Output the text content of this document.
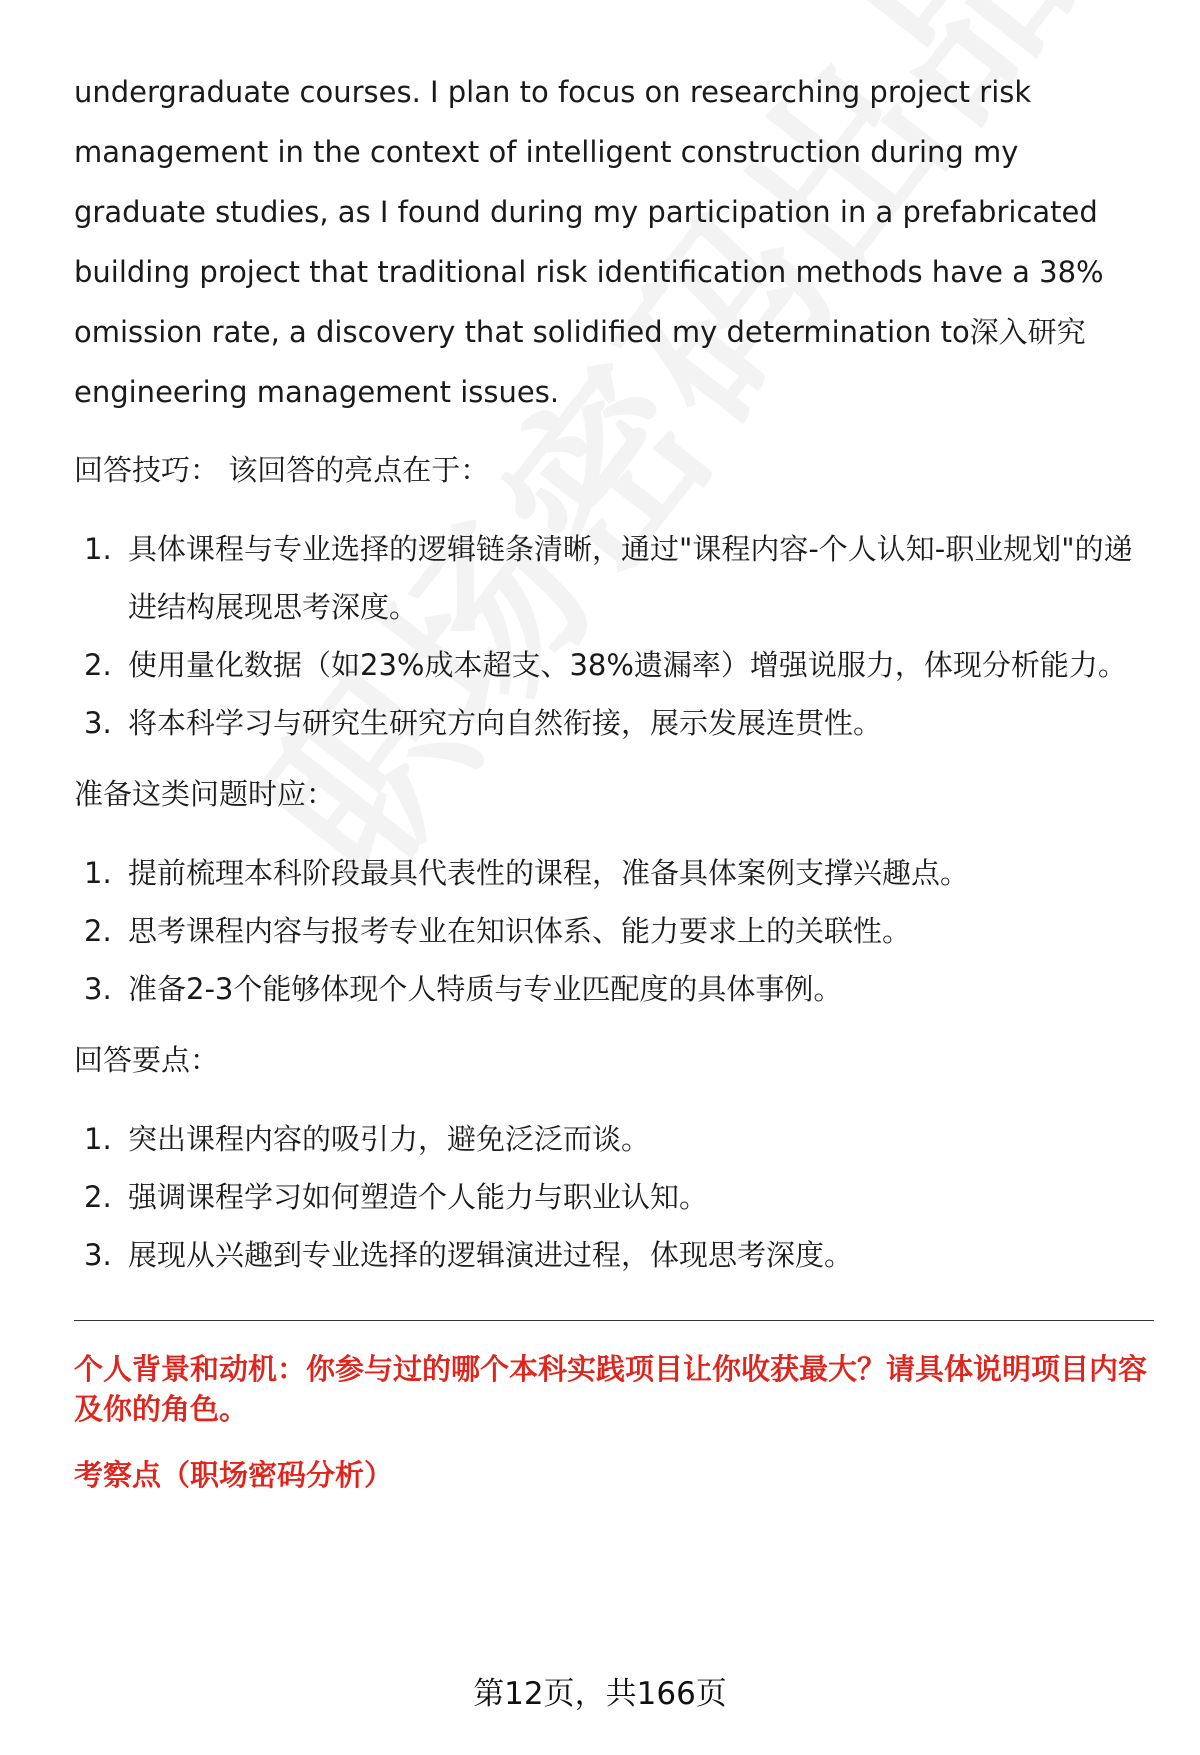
undergraduate courses. I plan to focus on researching project risk management in the context of intelligent construction during my graduate studies, as I found during my participation in a prefabricated building project that traditional risk identification methods have a 38% omission rate, a discovery that solidified my determination to深入研究 engineering management issues.

回答技巧： 该回答的亮点在于：

1. 具体课程与专业选择的逻辑链条清晰，通过"课程内容-个人认知-职业规划"的递进结构展现思考深度。
2. 使用量化数据（如23%成本超支、38%遗漏率）增强说服力，体现分析能力。
3. 将本科学习与研究生研究方向自然衔接，展示发展连贯性。

准备这类问题时应：

1. 提前梳理本科阶段最具代表性的课程，准备具体案例支撑兴趣点。
2. 思考课程内容与报考专业在知识体系、能力要求上的关联性。
3. 准备2-3个能够体现个人特质与专业匹配度的具体事例。

回答要点：

1. 突出课程内容的吸引力，避免泛泛而谈。
2. 强调课程学习如何塑造个人能力与职业认知。
3. 展现从兴趣到专业选择的逻辑演进过程，体现思考深度。

个人背景和动机：你参与过的哪个本科实践项目让你收获最大？请具体说明项目内容及你的角色。

考察点（职场密码分析）

第12页，共166页
